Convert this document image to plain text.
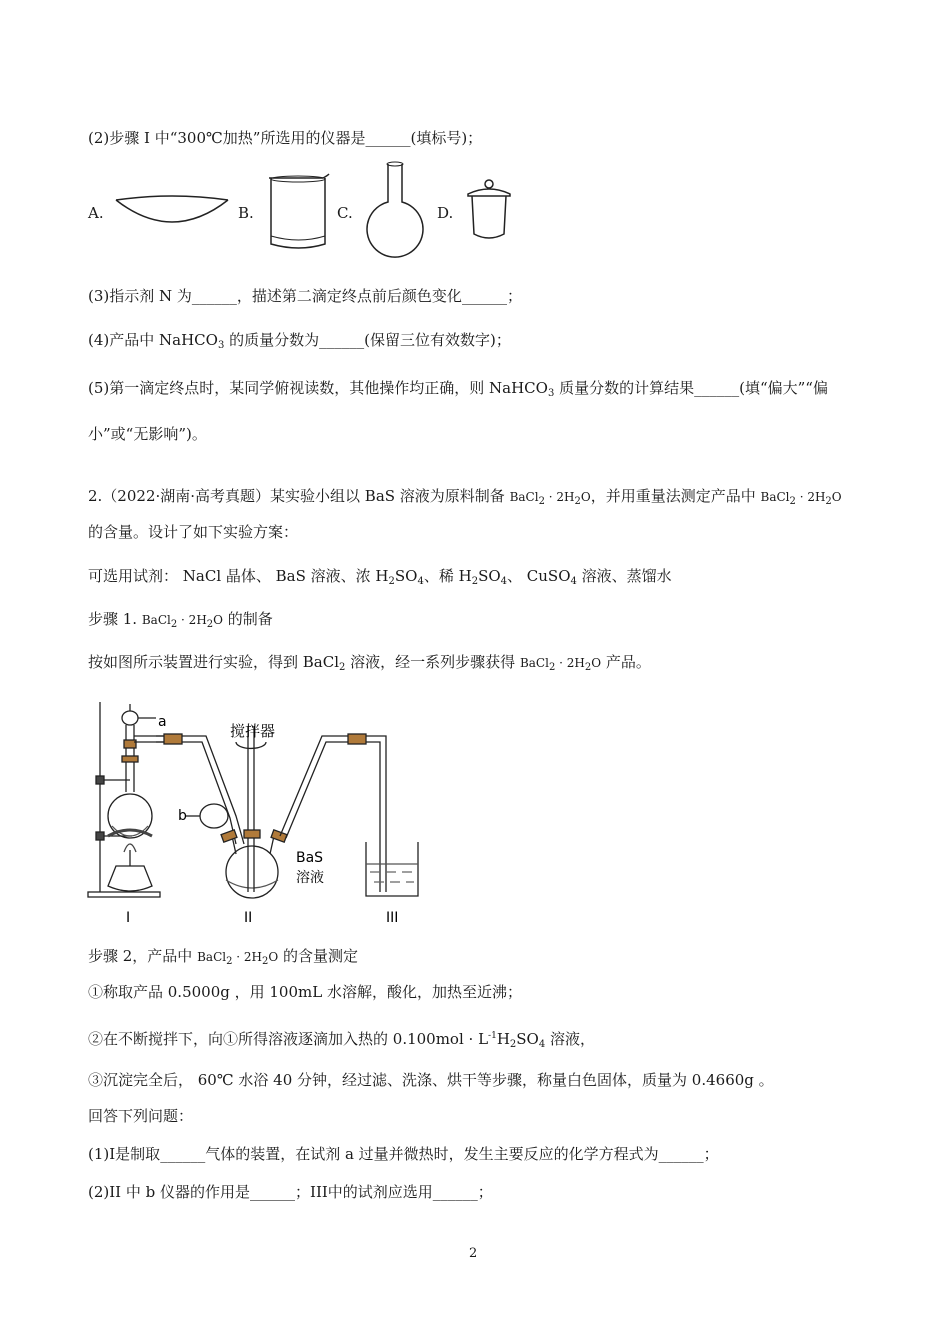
(2)步骤 I 中“300℃加热”所选用的仪器是______(填标号)；
A.	B.	C.	D.
(3)指示剂 N 为______，描述第二滴定终点前后颜色变化______；
(4)产品中 NaHCO$_3$ 的质量分数为______(保留三位有效数字)；
(5)第一滴定终点时，某同学俯视读数，其他操作均正确，则 NaHCO$_3$ 质量分数的计算结果______(填“偏大”“偏
小”或“无影响”)。
2.（2022·湖南·高考真题）某实验小组以 BaS 溶液为原料制备 BaCl$_2$ · $2H_2O$，并用重量法测定产品中 BaCl$_2$ · $2H_2O$
的含量。设计了如下实验方案：
可选用试剂： NaCl 晶体、 BaS 溶液、浓 $H_2SO_4$、稀 $H_2SO_4$、 CuSO$_4$ 溶液、蒸馏水
步骤 1. BaCl$_2$ · $2H_2O$ 的制备
按如图所示装置进行实验，得到 BaCl$_2$ 溶液，经一系列步骤获得 BaCl$_2$ · $2H_2O$ 产品。
a
b
搅拌器
BaS
溶液
I	II	III
步骤 2，产品中 BaCl$_2$ · $2H_2O$ 的含量测定
①称取产品 0.5000g ，用 100mL 水溶解，酸化，加热至近沸；
②在不断搅拌下，向①所得溶液逐滴加入热的 $0.100mol \cdot L^{-1}H_2SO_4$ 溶液，
③沉淀完全后， 60℃ 水浴 40 分钟，经过滤、洗涤、烘干等步骤，称量白色固体，质量为 0.4660g 。
回答下列问题：
(1)I是制取______气体的装置，在试剂 a 过量并微热时，发生主要反应的化学方程式为______；
(2)II 中 b 仪器的作用是______；III中的试剂应选用______；
2
